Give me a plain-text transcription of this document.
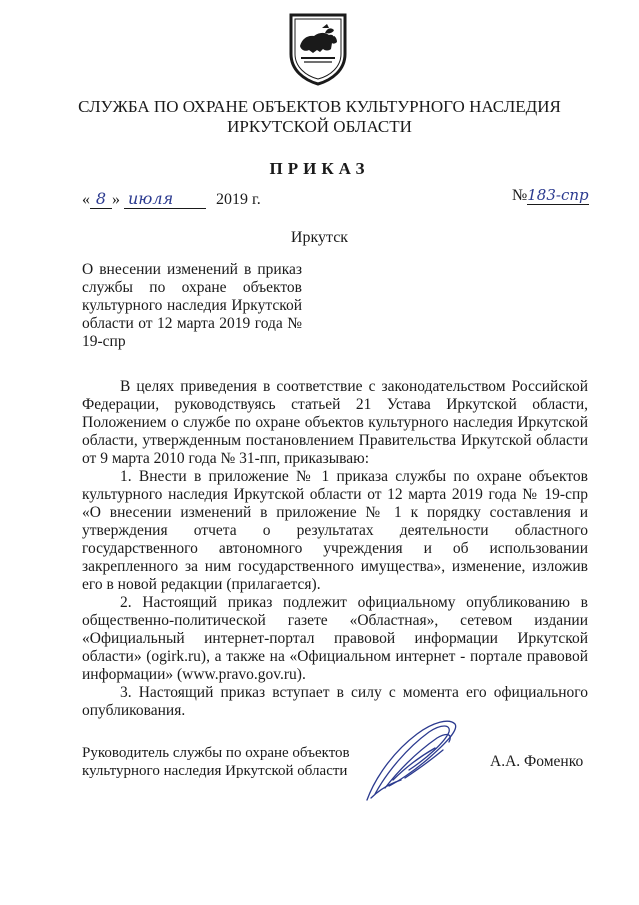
СЛУЖБА ПО ОХРАНЕ ОБЪЕКТОВ КУЛЬТУРНОГО НАСЛЕДИЯ
ИРКУТСКОЙ ОБЛАСТИ
ПРИКАЗ
« 8 » июля	2019 г.	№183-спр
Иркутск
О внесении изменений в приказ службы по охране объектов культурного наследия Иркутской области от 12 марта 2019 года № 19-спр

В целях приведения в соответствие с законодательством Российской Федерации, руководствуясь статьей 21 Устава Иркутской области, Положением о службе по охране объектов культурного наследия Иркутской области, утвержденным постановлением Правительства Иркутской области от 9 марта 2010 года № 31-пп, приказываю:

1. Внести в приложение № 1 приказа службы по охране объектов культурного наследия Иркутской области от 12 марта 2019 года № 19-спр «О внесении изменений в приложение № 1 к порядку составления и утверждения отчета о результатах деятельности областного государственного автономного учреждения и об использовании закрепленного за ним государственного имущества», изменение, изложив его в новой редакции (прилагается).

2. Настоящий приказ подлежит официальному опубликованию в общественно-политической газете «Областная», сетевом издании «Официальный интернет-портал правовой информации Иркутской области» (ogirk.ru), а также на «Официальном интернет - портале правовой информации» (www.pravo.gov.ru).

3. Настоящий приказ вступает в силу с момента его официального опубликования.

Руководитель службы по охране объектов
культурного наследия Иркутской области
А.А. Фоменко
